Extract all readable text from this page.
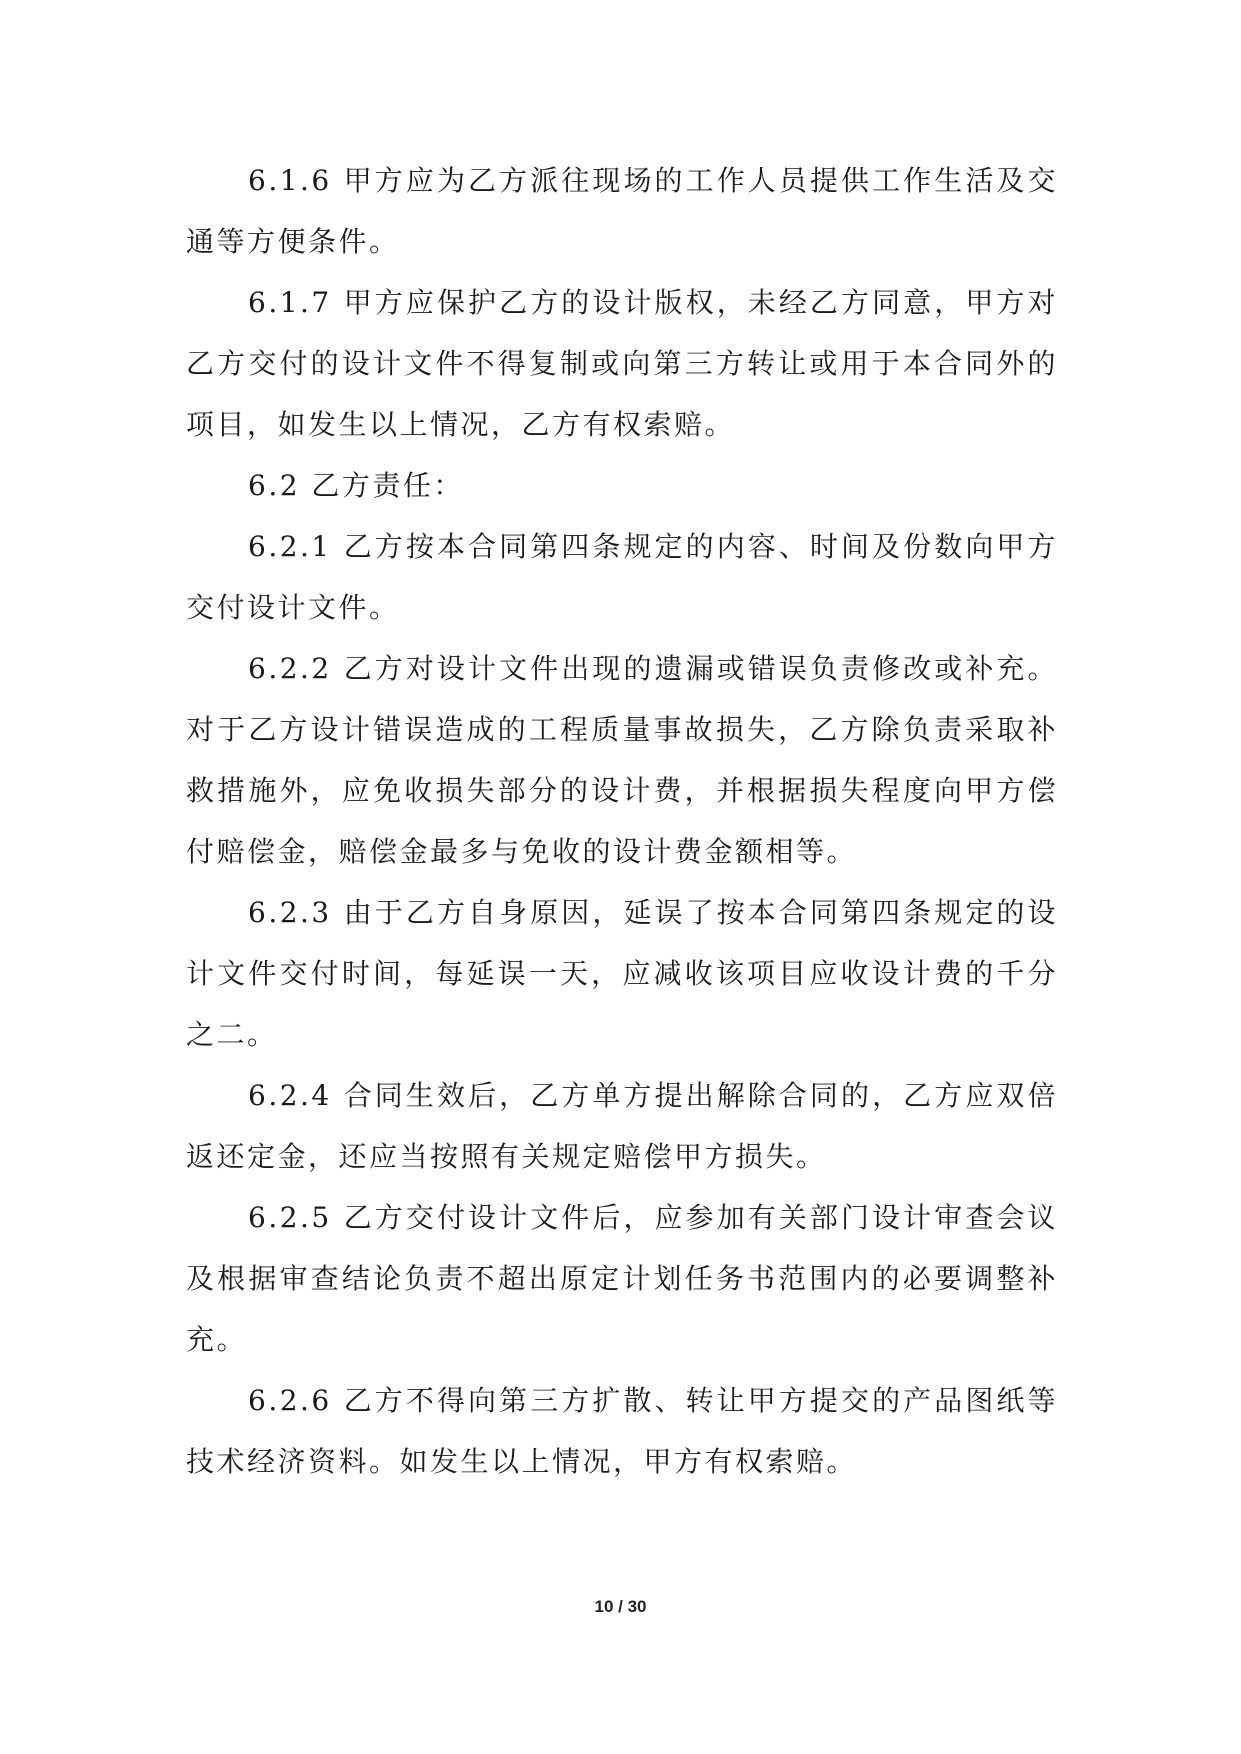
6.1.6 甲方应为乙方派往现场的工作人员提供工作生活及交通等方便条件。

6.1.7 甲方应保护乙方的设计版权，未经乙方同意，甲方对乙方交付的设计文件不得复制或向第三方转让或用于本合同外的项目，如发生以上情况，乙方有权索赔。

6.2 乙方责任：

6.2.1 乙方按本合同第四条规定的内容、时间及份数向甲方交付设计文件。

6.2.2 乙方对设计文件出现的遗漏或错误负责修改或补充。对于乙方设计错误造成的工程质量事故损失，乙方除负责采取补救措施外，应免收损失部分的设计费，并根据损失程度向甲方偿付赔偿金，赔偿金最多与免收的设计费金额相等。

6.2.3 由于乙方自身原因，延误了按本合同第四条规定的设计文件交付时间，每延误一天，应减收该项目应收设计费的千分之二。

6.2.4 合同生效后，乙方单方提出解除合同的，乙方应双倍返还定金，还应当按照有关规定赔偿甲方损失。

6.2.5 乙方交付设计文件后，应参加有关部门设计审查会议及根据审查结论负责不超出原定计划任务书范围内的必要调整补充。

6.2.6 乙方不得向第三方扩散、转让甲方提交的产品图纸等技术经济资料。如发生以上情况，甲方有权索赔。

10 / 30
